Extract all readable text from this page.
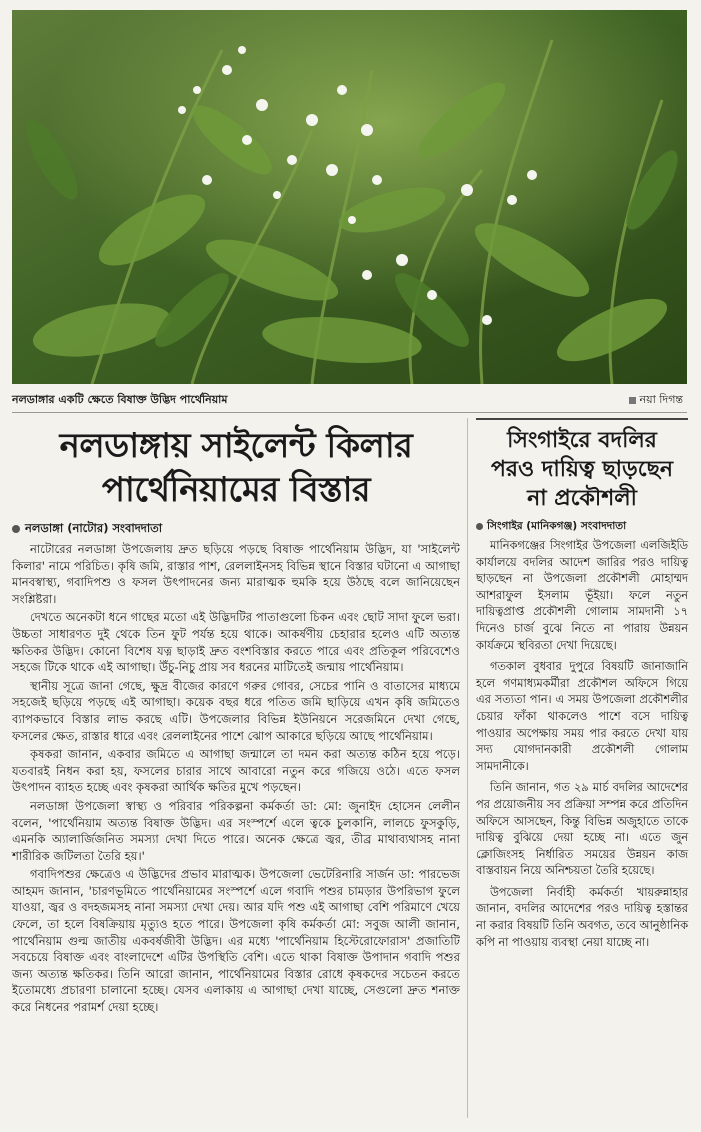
নলডাঙ্গার একটি ক্ষেতে বিষাক্ত উদ্ভিদ পার্থেনিয়াম	নয়া দিগন্ত
নলডাঙ্গায় সাইলেন্ট কিলার
পার্থেনিয়ামের বিস্তার
নলডাঙ্গা (নাটোর) সংবাদদাতা

নাটোরের নলডাঙ্গা উপজেলায় দ্রুত ছড়িয়ে পড়ছে বিষাক্ত পার্থেনিয়াম উদ্ভিদ, যা 'সাইলেন্ট কিলার' নামে পরিচিত। কৃষি জমি, রাস্তার পাশ, রেললাইনসহ বিভিন্ন স্থানে বিস্তার ঘটানো এ আগাছা মানবস্বাস্থ্য, গবাদিপশু ও ফসল উৎপাদনের জন্য মারাত্মক হুমকি হয়ে উঠছে বলে জানিয়েছেন সংশ্লিষ্টরা।

দেখতে অনেকটা ধনে গাছের মতো এই উদ্ভিদটির পাতাগুলো চিকন এবং ছোট সাদা ফুলে ভরা। উচ্চতা সাধারণত দুই থেকে তিন ফুট পর্যন্ত হয়ে থাকে। আকর্ষণীয় চেহারার হলেও এটি অত্যন্ত ক্ষতিকর উদ্ভিদ। কোনো বিশেষ যত্ন ছাড়াই দ্রুত বংশবিস্তার করতে পারে এবং প্রতিকূল পরিবেশেও সহজে টিকে থাকে এই আগাছা। উঁচু-নিচু প্রায় সব ধরনের মাটিতেই জন্মায় পার্থেনিয়াম।

স্থানীয় সূত্রে জানা গেছে, ক্ষুদ্র বীজের কারণে গরুর গোবর, সেচের পানি ও বাতাসের মাধ্যমে সহজেই ছড়িয়ে পড়ছে এই আগাছা। কয়েক বছর ধরে পতিত জমি ছাড়িয়ে এখন কৃষি জমিতেও ব্যাপকভাবে বিস্তার লাভ করছে এটি। উপজেলার বিভিন্ন ইউনিয়নে সরেজমিনে দেখা গেছে, ফসলের ক্ষেত, রাস্তার ধারে এবং রেললাইনের পাশে ঝোপ আকারে ছড়িয়ে আছে পার্থেনিয়াম।

কৃষকরা জানান, একবার জমিতে এ আগাছা জন্মালে তা দমন করা অত্যন্ত কঠিন হয়ে পড়ে। যতবারই নিধন করা হয়, ফসলের চারার সাথে আবারো নতুন করে গজিয়ে ওঠে। এতে ফসল উৎপাদন ব্যাহত হচ্ছে এবং কৃষকরা আর্থিক ক্ষতির মুখে পড়ছেন।

নলডাঙ্গা উপজেলা স্বাস্থ্য ও পরিবার পরিকল্পনা কর্মকর্তা ডা: মো: জুনাইদ হোসেন লেলীন বলেন, 'পার্থেনিয়াম অত্যন্ত বিষাক্ত উদ্ভিদ। এর সংস্পর্শে এলে ত্বকে চুলকানি, লালচে ফুসকুড়ি, এমনকি অ্যালার্জিজনিত সমস্যা দেখা দিতে পারে। অনেক ক্ষেত্রে জ্বর, তীব্র মাথাব্যথাসহ নানা শারীরিক জটিলতা তৈরি হয়।'

গবাদিপশুর ক্ষেত্রেও এ উদ্ভিদের প্রভাব মারাত্মক। উপজেলা ভেটেরিনারি সার্জন ডা: পারভেজ আহমদ জানান, 'চারণভূমিতে পার্থেনিয়ামের সংস্পর্শে এলে গবাদি পশুর চামড়ার উপরিভাগ ফুলে যাওয়া, জ্বর ও বদহজমসহ নানা সমস্যা দেখা দেয়। আর যদি পশু এই আগাছা বেশি পরিমাণে খেয়ে ফেলে, তা হলে বিষক্রিয়ায় মৃত্যুও হতে পারে। উপজেলা কৃষি কর্মকর্তা মো: সবুজ আলী জানান, পার্থেনিয়াম গুল্ম জাতীয় একবর্ষজীবী উদ্ভিদ। এর মধ্যে 'পার্থেনিয়াম হিস্টেরোফোরাস' প্রজাতিটি সবচেয়ে বিষাক্ত এবং বাংলাদেশে এটির উপস্থিতি বেশি। এতে থাকা বিষাক্ত উপাদান গবাদি পশুর জন্য অত্যন্ত ক্ষতিকর। তিনি আরো জানান, পার্থেনিয়ামের বিস্তার রোধে কৃষকদের সচেতন করতে ইতোমধ্যে প্রচারণা চালানো হচ্ছে। যেসব এলাকায় এ আগাছা দেখা যাচ্ছে, সেগুলো দ্রুত শনাক্ত করে নিধনের পরামর্শ দেয়া হচ্ছে।

সিংগাইরে বদলির
পরও দায়িত্ব ছাড়ছেন
না প্রকৌশলী
সিংগাইর (মানিকগঞ্জ) সংবাদদাতা

মানিকগঞ্জের সিংগাইর উপজেলা এলজিইডি কার্যালয়ে বদলির আদেশ জারির পরও দায়িত্ব ছাড়ছেন না উপজেলা প্রকৌশলী মোহাম্মদ আশরাফুল ইসলাম ভূঁইয়া। ফলে নতুন দায়িত্বপ্রাপ্ত প্রকৌশলী গোলাম সামদানী ১৭ দিনেও চার্জ বুঝে নিতে না পারায় উন্নয়ন কার্যক্রমে স্থবিরতা দেখা দিয়েছে।

গতকাল বুধবার দুপুরে বিষয়টি জানাজানি হলে গণমাধ্যমকর্মীরা প্রকৌশল অফিসে গিয়ে এর সত্যতা পান। এ সময় উপজেলা প্রকৌশলীর চেয়ার ফাঁকা থাকলেও পাশে বসে দায়িত্ব পাওয়ার অপেক্ষায় সময় পার করতে দেখা যায় সদ্য যোগদানকারী প্রকৌশলী গোলাম সামদানীকে।

তিনি জানান, গত ২৯ মার্চ বদলির আদেশের পর প্রয়োজনীয় সব প্রক্রিয়া সম্পন্ন করে প্রতিদিন অফিসে আসছেন, কিন্তু বিভিন্ন অজুহাতে তাকে দায়িত্ব বুঝিয়ে দেয়া হচ্ছে না। এতে জুন ক্লোজিংসহ নির্ধারিত সময়ের উন্নয়ন কাজ বাস্তবায়ন নিয়ে অনিশ্চয়তা তৈরি হয়েছে।

উপজেলা নির্বাহী কর্মকর্তা খায়রুন্নাহার জানান, বদলির আদেশের পরও দায়িত্ব হস্তান্তর না করার বিষয়টি তিনি অবগত, তবে আনুষ্ঠানিক কপি না পাওয়ায় ব্যবস্থা নেয়া যাচ্ছে না।
